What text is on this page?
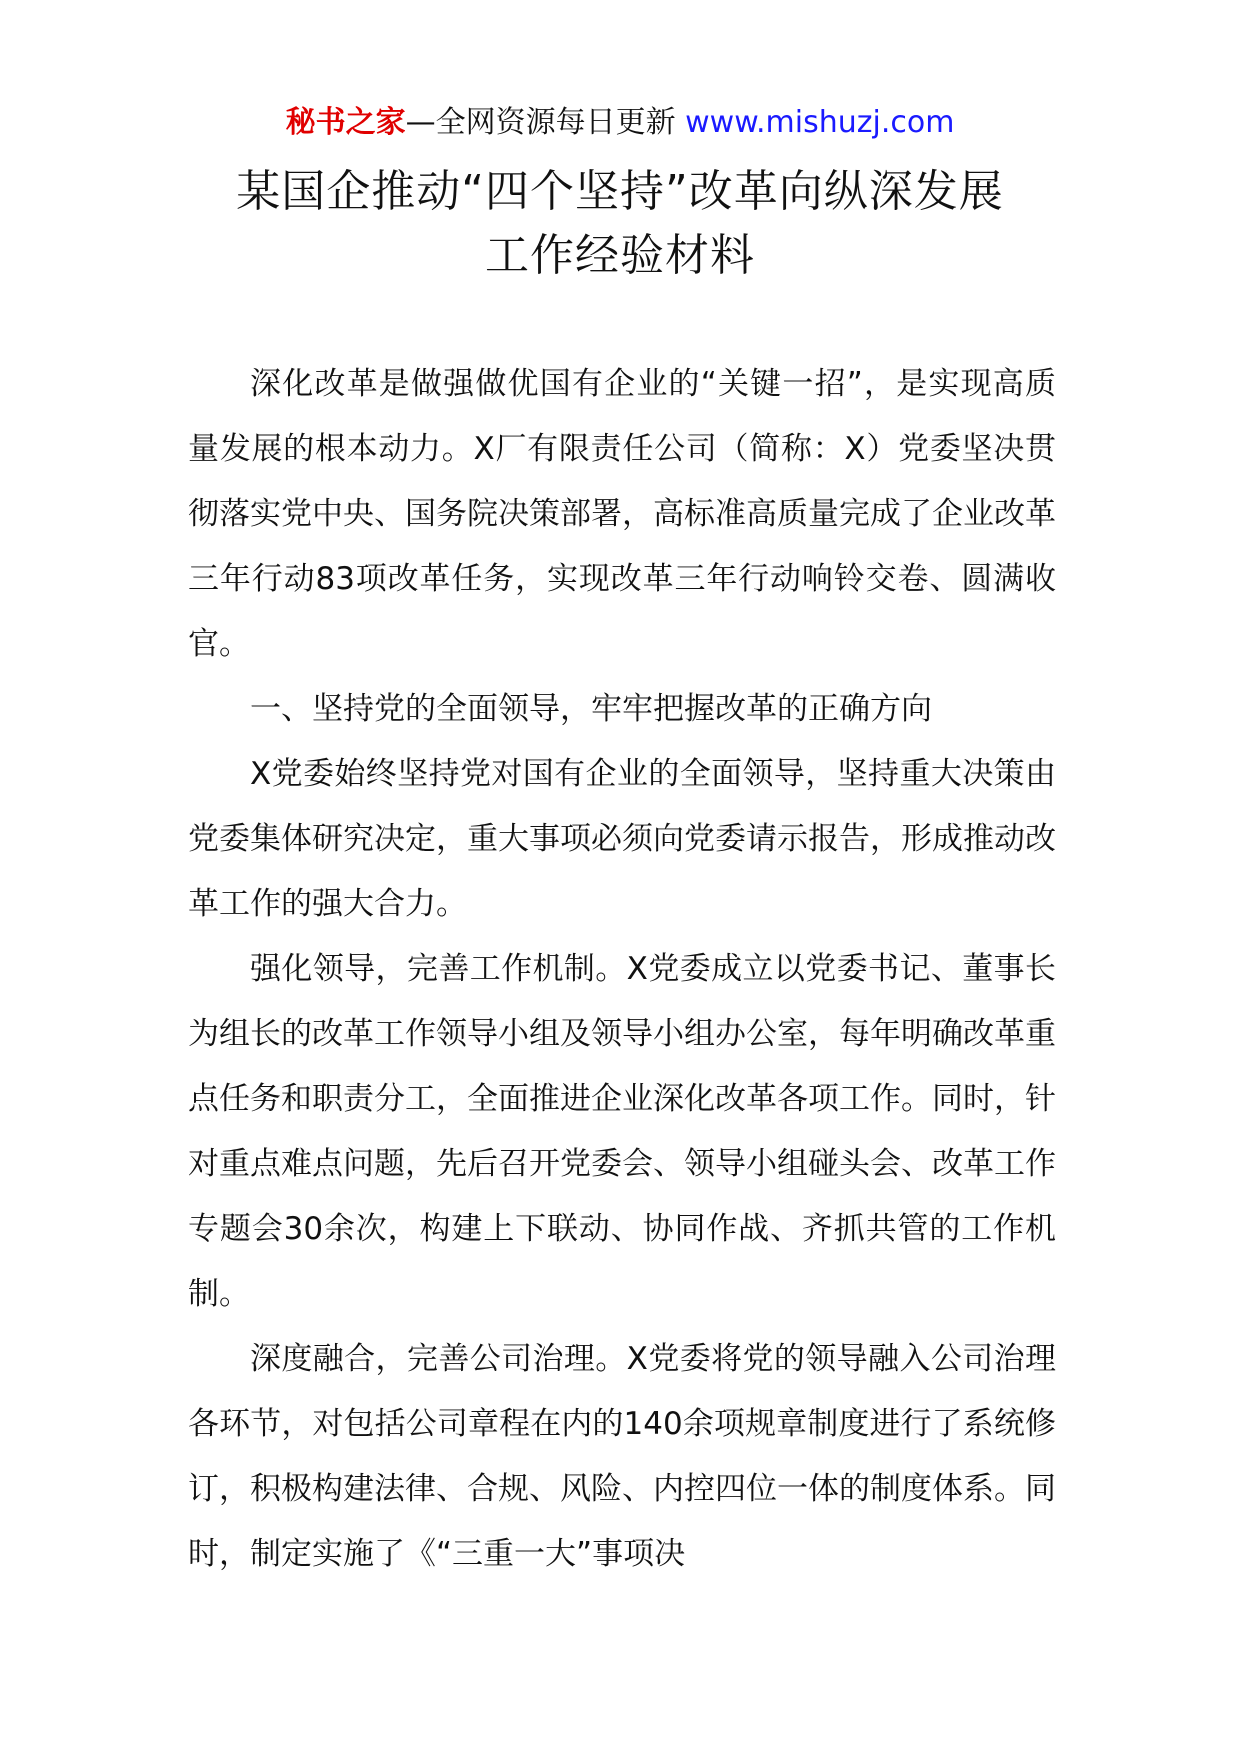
秘书之家—全网资源每日更新 www.mishuzj.com
某国企推动“四个坚持”改革向纵深发展
工作经验材料

深化改革是做强做优国有企业的“关键一招”，是实现高质量发展的根本动力。X厂有限责任公司（简称：X）党委坚决贯彻落实党中央、国务院决策部署，高标准高质量完成了企业改革三年行动83项改革任务，实现改革三年行动响铃交卷、圆满收官。

一、坚持党的全面领导，牢牢把握改革的正确方向

X党委始终坚持党对国有企业的全面领导，坚持重大决策由党委集体研究决定，重大事项必须向党委请示报告，形成推动改革工作的强大合力。

强化领导，完善工作机制。X党委成立以党委书记、董事长为组长的改革工作领导小组及领导小组办公室，每年明确改革重点任务和职责分工，全面推进企业深化改革各项工作。同时，针对重点难点问题，先后召开党委会、领导小组碰头会、改革工作专题会30余次，构建上下联动、协同作战、齐抓共管的工作机制。

深度融合，完善公司治理。X党委将党的领导融入公司治理各环节，对包括公司章程在内的140余项规章制度进行了系统修订，积极构建法律、合规、风险、内控四位一体的制度体系。同时，制定实施了《“三重一大”事项决
